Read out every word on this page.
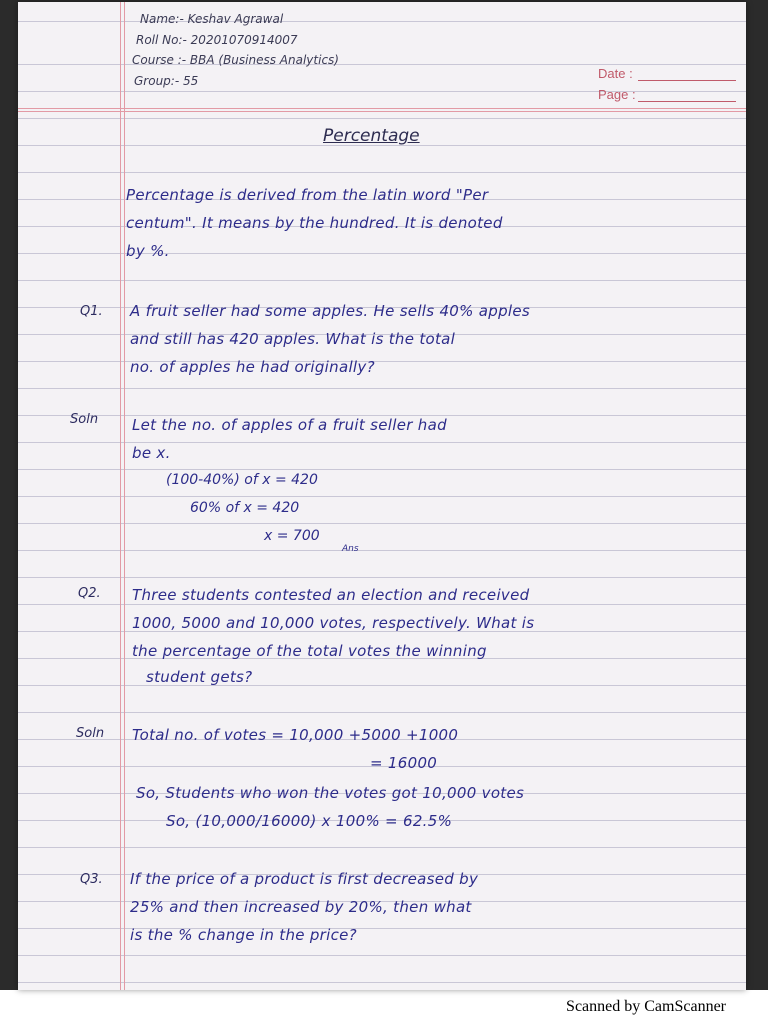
Name:- Keshav Agrawal
Roll No:- 20201070914007
Course :- BBA (Business Analytics)
Group:- 55	Date :
Page :
Percentage
Percentage is derived from the latin word "Per
centum". It means by the hundred. It is denoted
by %.
Q1. A fruit seller had some apples. He sells 40% apples
and still has 420 apples. What is the total
no. of apples he had originally?
Soln Let the no. of apples of a fruit seller had
be x.
(100-40%) of x = 420
60% of x = 420
x = 700
Ans
Q2. Three students contested an election and received
1000, 5000 and 10,000 votes, respectively. What is
the percentage of the total votes the winning
student gets?
Soln Total no. of votes = 10,000 +5000 +1000
= 16000
So, Students who won the votes got 10,000 votes
So, (10,000/16000) x 100% = 62.5%
Q3. If the price of a product is first decreased by
25% and then increased by 20%, then what
is the % change in the price?
Scanned by CamScanner
